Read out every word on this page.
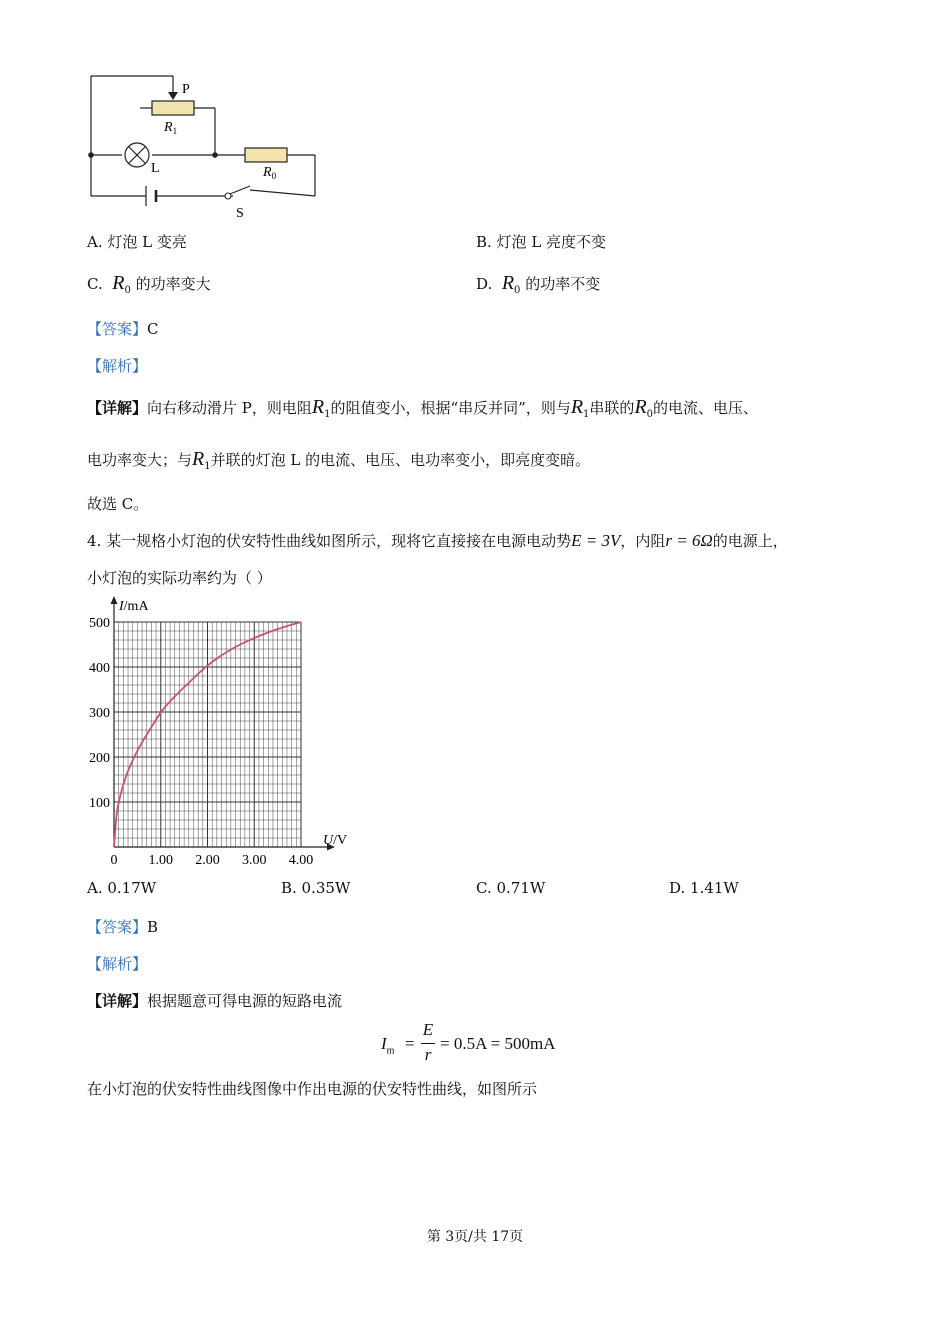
P
$R_1$
L	$R_0$
S
A. 灯泡 L 变亮	B. 灯泡 L 亮度不变
C. $R_0$ 的功率变大	D. $R_0$ 的功率不变
【答案】C
【解析】
【详解】向右移动滑片 P，则电阻$R_1$的阻值变小，根据“串反并同”，则与$R_1$串联的$R_0$的电流、电压、
电功率变大；与$R_1$并联的灯泡 L 的电流、电压、电功率变小，即亮度变暗。
故选 C。
4. 某一规格小灯泡的伏安特性曲线如图所示，现将它直接接在电源电动势E = 3V，内阻r = 6Ω的电源上，
小灯泡的实际功率约为（ ）
0 1.00 2.00 3.00 4.00
100
200
300
400
500
I/mA
U/V
A. 0.17W	B. 0.35W	C. 0.71W	D. 1.41W
【答案】B
【解析】
【详解】根据题意可得电源的短路电流
$I_m$ =
E
r
= 0.5A = 500mA
在小灯泡的伏安特性曲线图像中作出电源的伏安特性曲线，如图所示
第 3页/共 17页
